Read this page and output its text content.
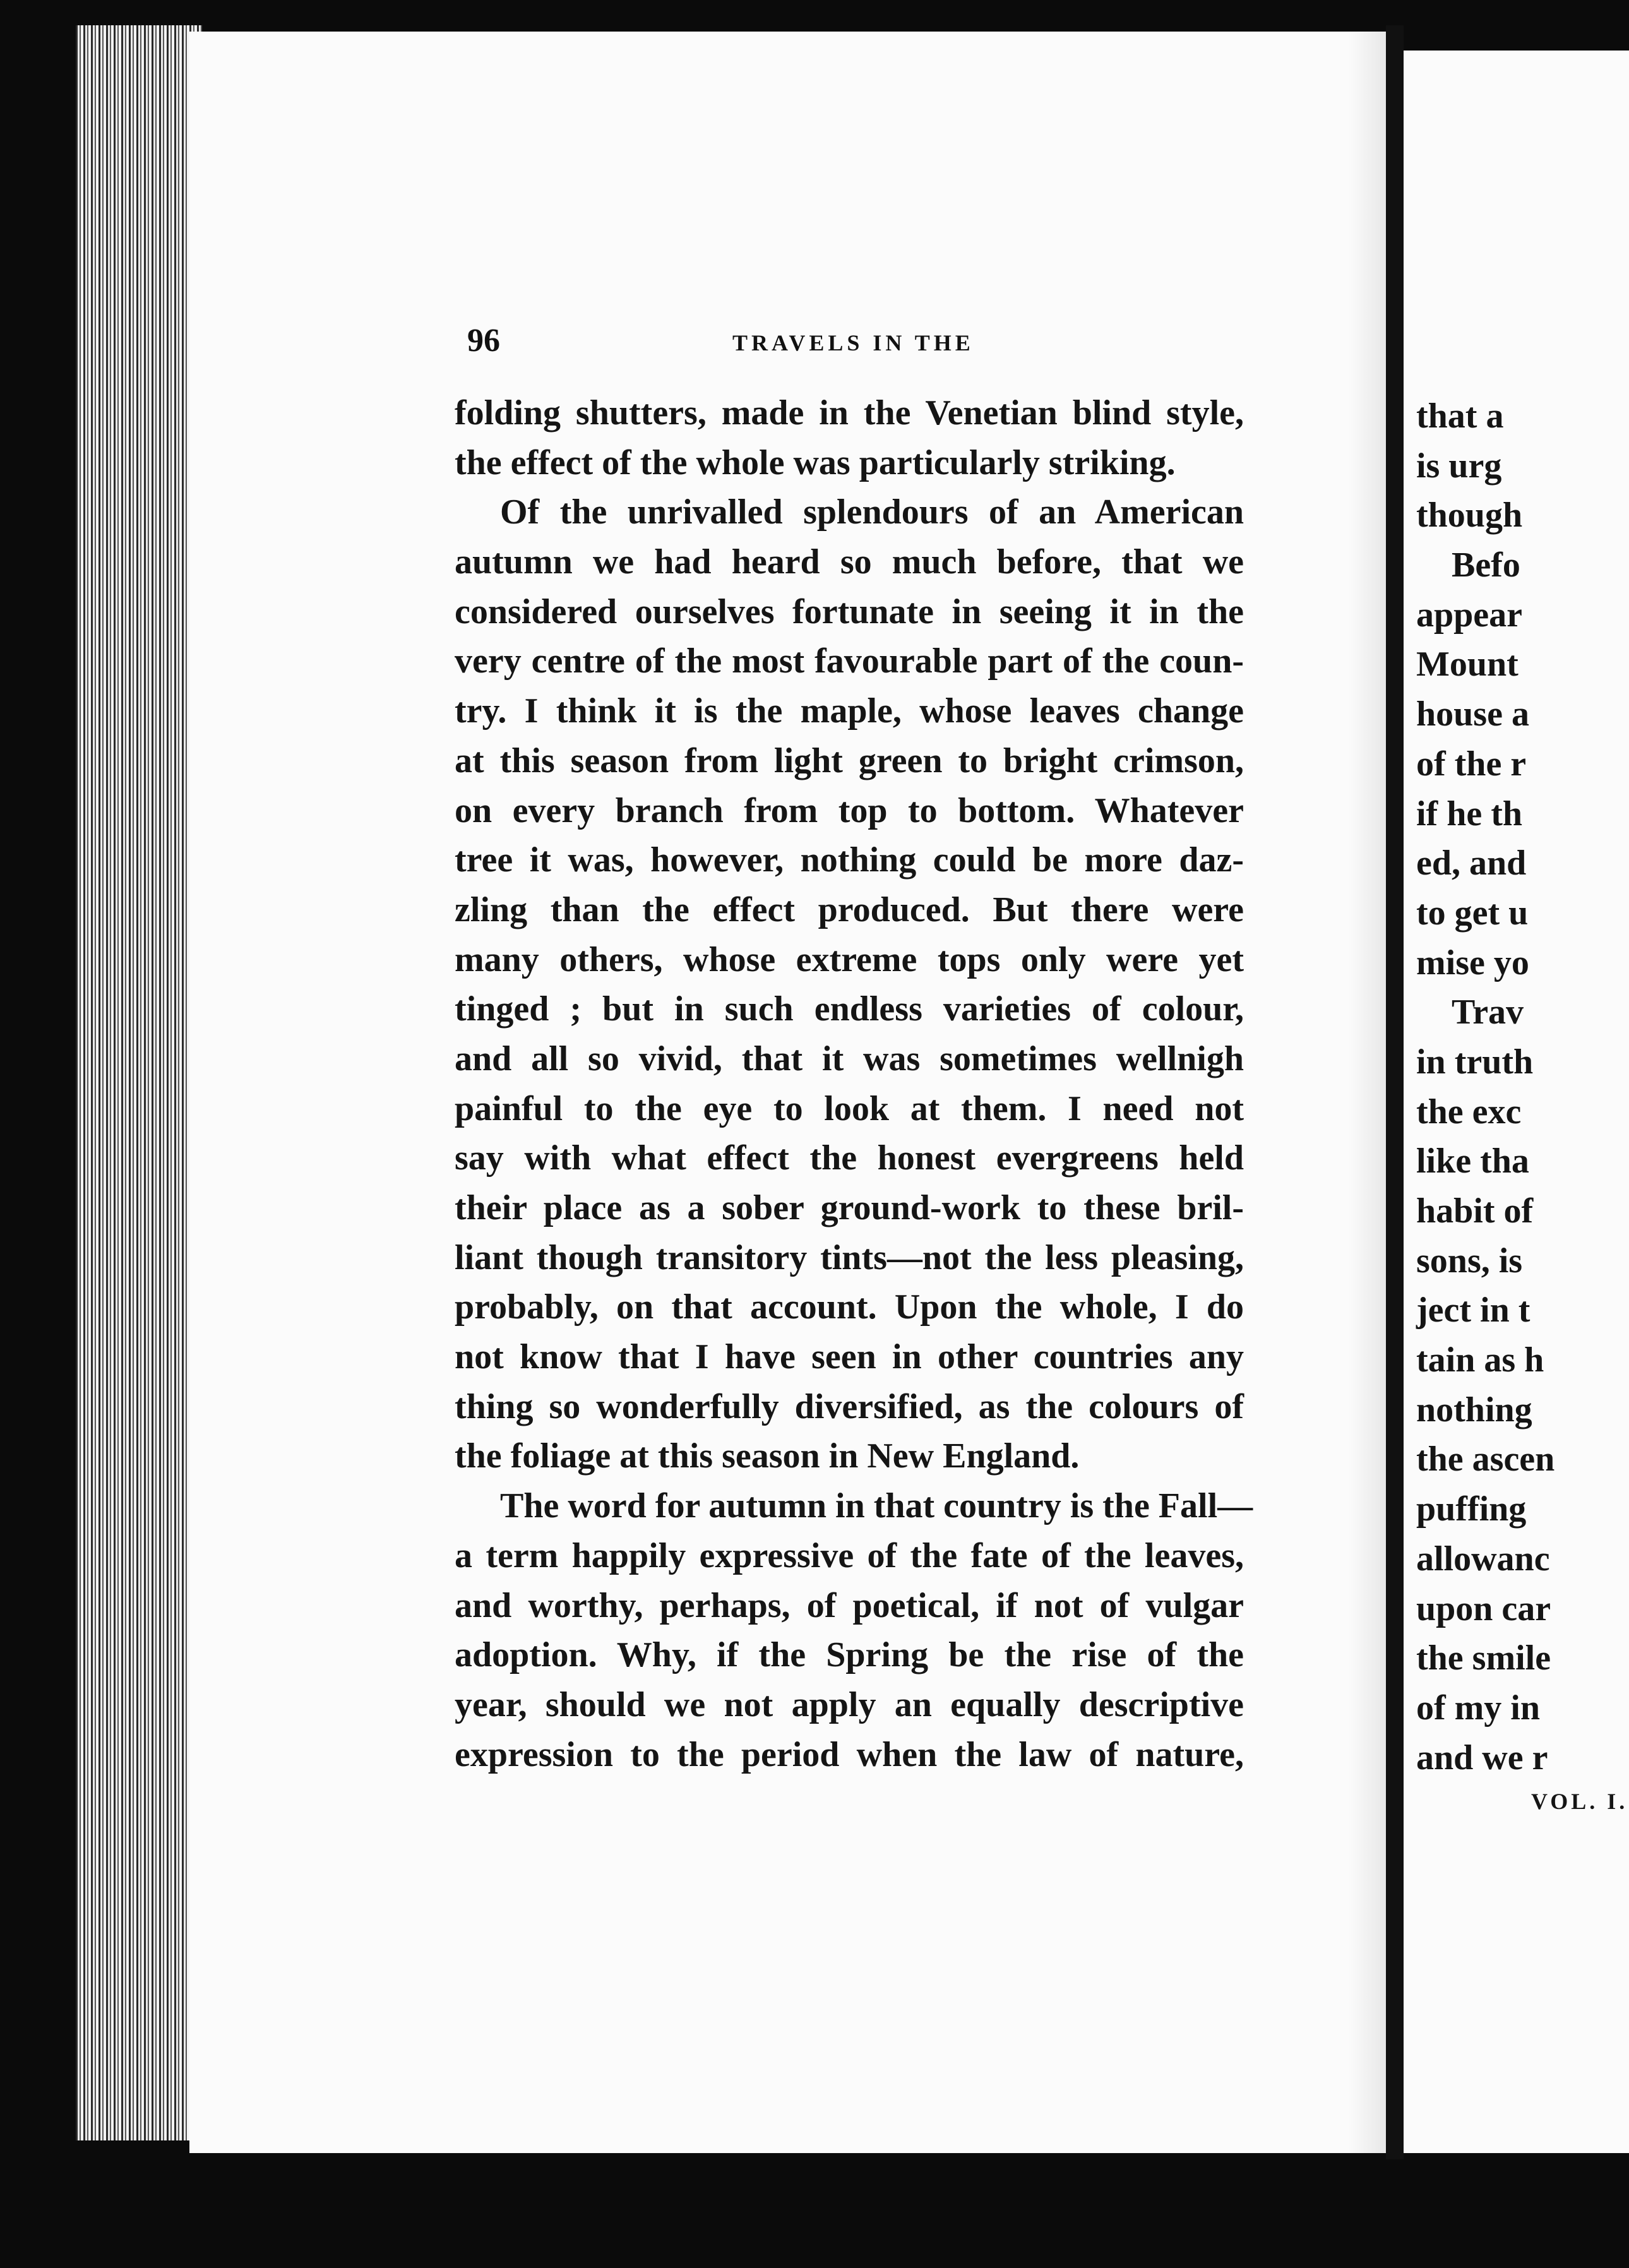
that a
is urg
though
Befo
appear
Mount
house a
of the r
if he th
ed, and
to get u
mise yo
Trav
in truth
the exc
like tha
habit of
sons, is
ject in t
tain as h
nothing
the ascen
puffing
allowanc
upon car
the smile
of my in
and we r
VOL. I.
96	TRAVELS IN THE
folding shutters, made in the Venetian blind style,
the effect of the whole was particularly striking.
Of the unrivalled splendours of an American
autumn we had heard so much before, that we
considered ourselves fortunate in seeing it in the
very centre of the most favourable part of the coun-
try. I think it is the maple, whose leaves change
at this season from light green to bright crimson,
on every branch from top to bottom. Whatever
tree it was, however, nothing could be more daz-
zling than the effect produced. But there were
many others, whose extreme tops only were yet
tinged ; but in such endless varieties of colour,
and all so vivid, that it was sometimes wellnigh
painful to the eye to look at them. I need not
say with what effect the honest evergreens held
their place as a sober ground-work to these bril-
liant though transitory tints—not the less pleasing,
probably, on that account. Upon the whole, I do
not know that I have seen in other countries any
thing so wonderfully diversified, as the colours of
the foliage at this season in New England.
The word for autumn in that country is the Fall—
a term happily expressive of the fate of the leaves,
and worthy, perhaps, of poetical, if not of vulgar
adoption. Why, if the Spring be the rise of the
year, should we not apply an equally descriptive
expression to the period when the law of nature,
